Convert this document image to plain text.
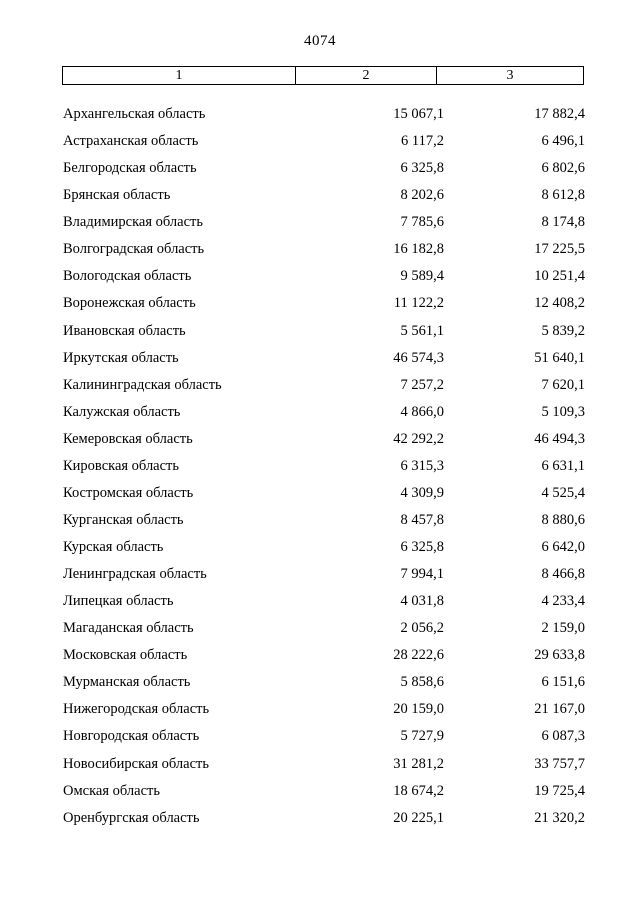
4074
1	2	3
Архангельская область	15 067,1	17 882,4
Астраханская область	6 117,2	6 496,1
Белгородская область	6 325,8	6 802,6
Брянская область	8 202,6	8 612,8
Владимирская область	7 785,6	8 174,8
Волгоградская область	16 182,8	17 225,5
Вологодская область	9 589,4	10 251,4
Воронежская область	11 122,2	12 408,2
Ивановская область	5 561,1	5 839,2
Иркутская область	46 574,3	51 640,1
Калининградская область	7 257,2	7 620,1
Калужская область	4 866,0	5 109,3
Кемеровская область	42 292,2	46 494,3
Кировская область	6 315,3	6 631,1
Костромская область	4 309,9	4 525,4
Курганская область	8 457,8	8 880,6
Курская область	6 325,8	6 642,0
Ленинградская область	7 994,1	8 466,8
Липецкая область	4 031,8	4 233,4
Магаданская область	2 056,2	2 159,0
Московская область	28 222,6	29 633,8
Мурманская область	5 858,6	6 151,6
Нижегородская область	20 159,0	21 167,0
Новгородская область	5 727,9	6 087,3
Новосибирская область	31 281,2	33 757,7
Омская область	18 674,2	19 725,4
Оренбургская область	20 225,1	21 320,2
